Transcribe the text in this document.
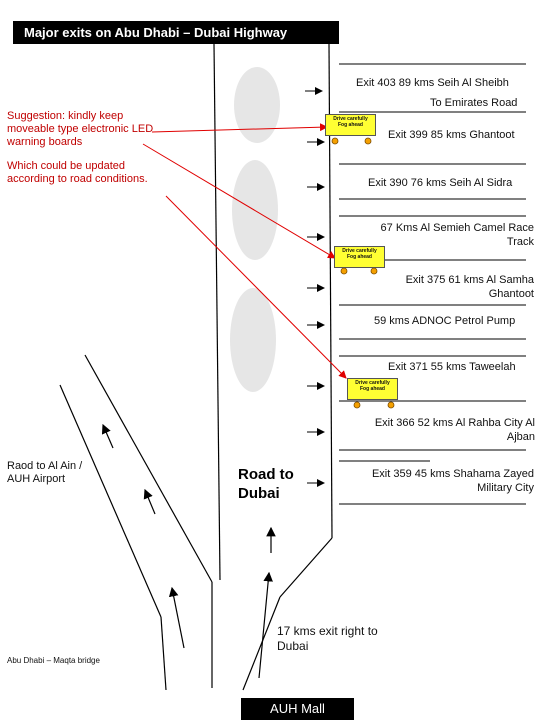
Major exits on Abu Dhabi – Dubai Highway
Exit 403 89 kms Seih Al Sheibh
To Emirates Road
Exit 399 85 kms Ghantoot
Exit 390 76 kms Seih Al Sidra
67 Kms Al Semieh Camel Race Track
Exit 375 61 kms Al Samha Ghantoot
59 kms ADNOC Petrol Pump
Exit 371 55 kms Taweelah
Exit 366 52 kms Al Rahba City Al Ajban
Exit 359 45 kms Shahama Zayed Military City
Suggestion: kindly keep moveable type electronic LED warning boards
Which could be updated according to road conditions.
Drive carefully
Fog ahead
Drive carefully
Fog ahead
Drive carefully
Fog ahead
Road to Dubai
Raod to Al Ain / AUH Airport
17 kms exit right to Dubai
Abu Dhabi – Maqta bridge
AUH Mall
